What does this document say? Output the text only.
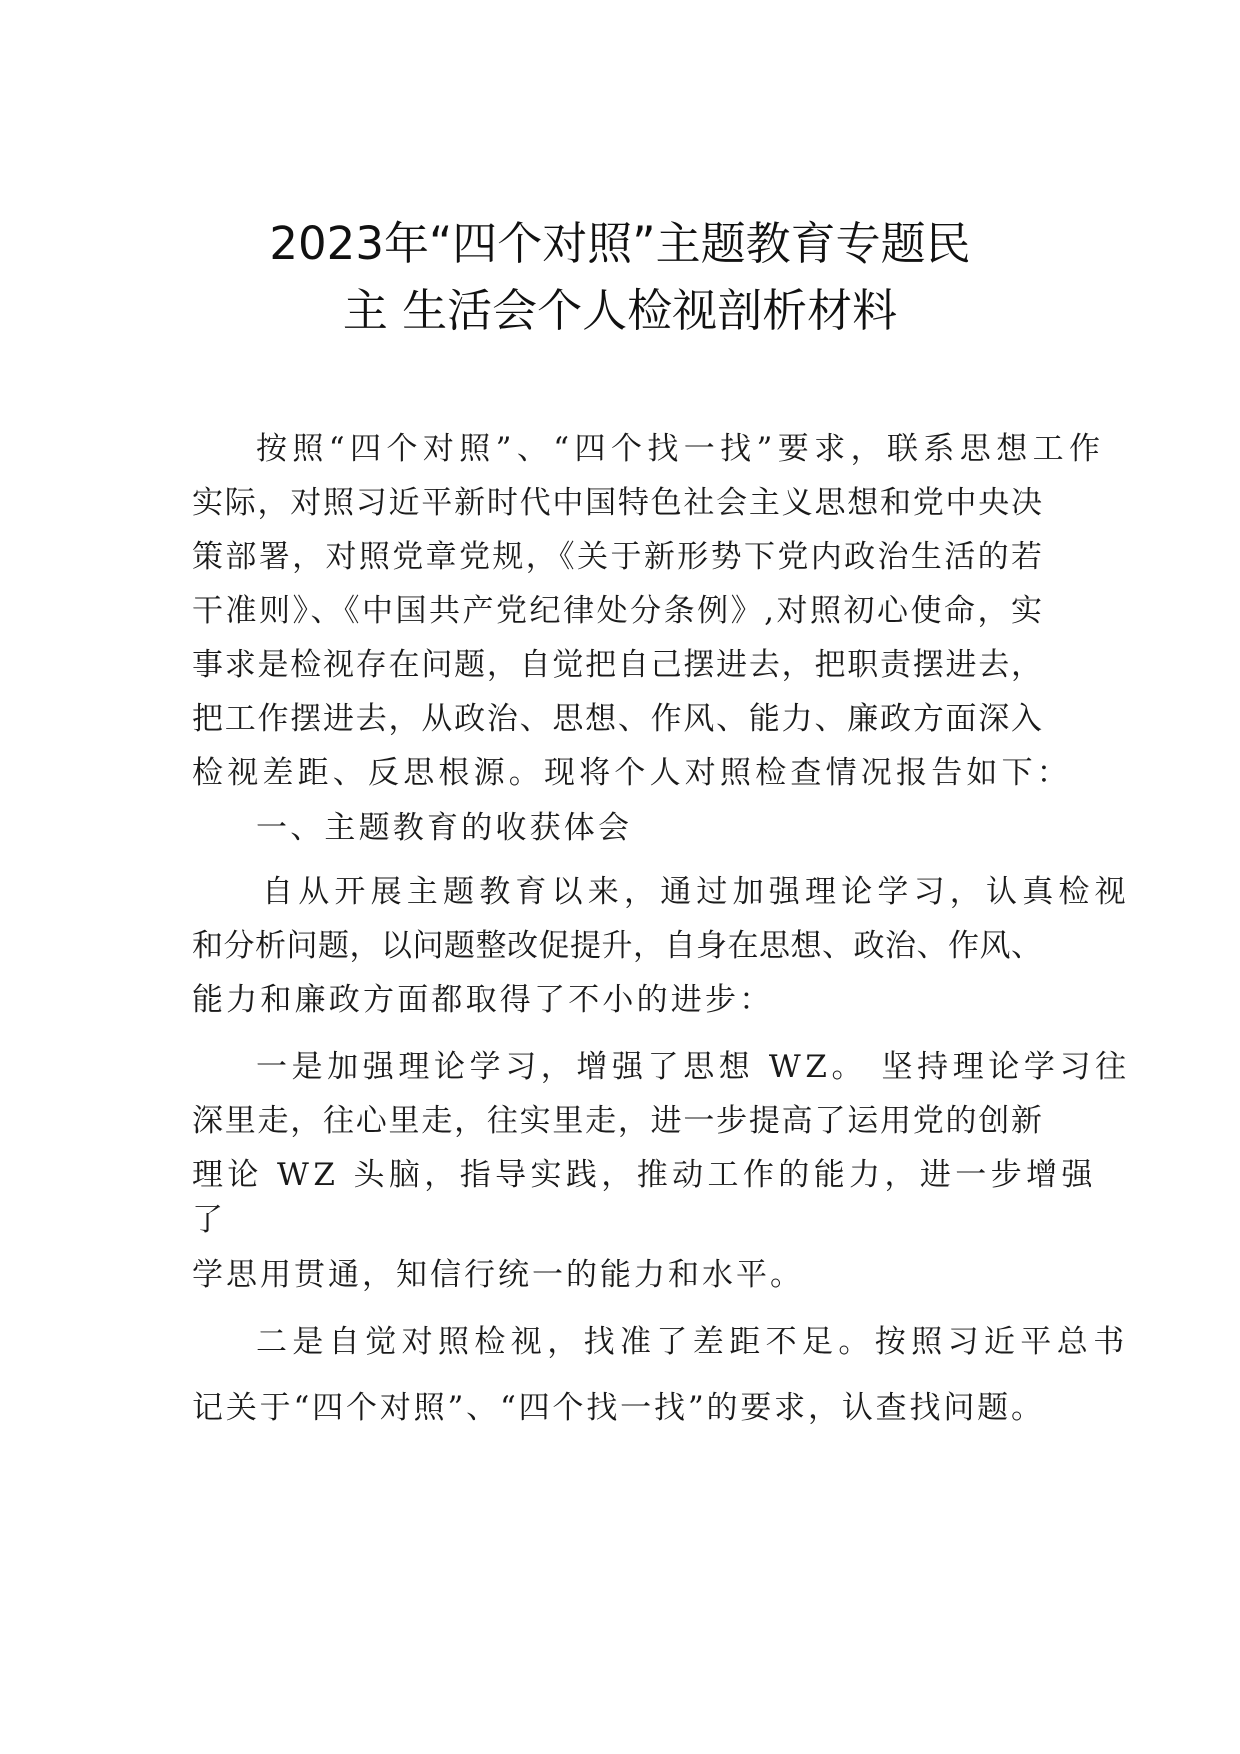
2023年“四个对照”主题教育专题民
主 生活会个人检视剖析材料
按照“四个对照”、“四个找一找”要求，联系思想工作
实际，对照习近平新时代中国特色社会主义思想和党中央决
策部署，对照党章党规，《关于新形势下党内政治生活的若
干准则》、《中国共产党纪律处分条例》,对照初心使命，实
事求是检视存在问题，自觉把自己摆进去，把职责摆进去，
把工作摆进去，从政治、思想、作风、能力、廉政方面深入
检视差距、反思根源。现将个人对照检查情况报告如下：
一、主题教育的收获体会
自从开展主题教育以来，通过加强理论学习，认真检视
和分析问题，以问题整改促提升，自身在思想、政治、作风、
能力和廉政方面都取得了不小的进步：
一是加强理论学习，增强了思想 WZ。 坚持理论学习往
深里走，往心里走，往实里走，进一步提高了运用党的创新
理论 WZ 头脑，指导实践，推动工作的能力，进一步增强
了
学思用贯通，知信行统一的能力和水平。
二是自觉对照检视，找准了差距不足。按照习近平总书
记关于“四个对照”、“四个找一找”的要求，认查找问题。
